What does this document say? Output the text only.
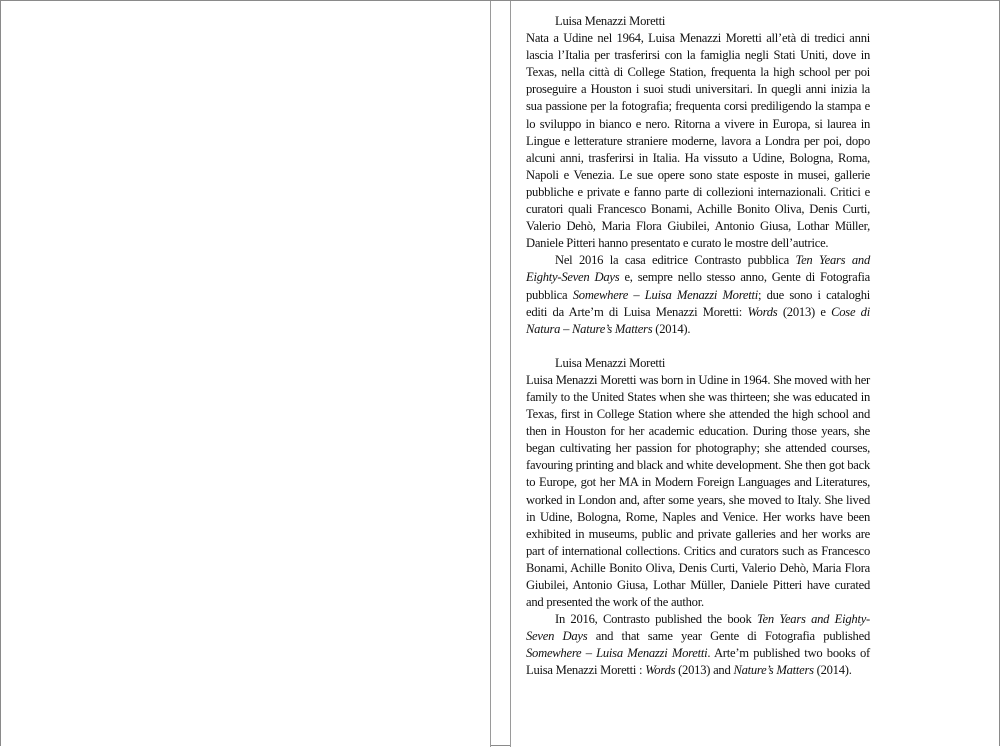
Luisa Menazzi Moretti

Nata a Udine nel 1964, Luisa Menazzi Moretti all’età di tredici anni lascia l’Italia per trasferirsi con la famiglia negli Stati Uniti, dove in Texas, nella città di College Station, frequenta la high school per poi proseguire a Houston i suoi studi universitari. In quegli anni inizia la sua passione per la fotografia; frequenta corsi prediligendo la stampa e lo sviluppo in bianco e nero. Ritorna a vivere in Europa, si laurea in Lingue e letterature straniere moderne, lavora a Londra per poi, dopo alcuni anni, trasferirsi in Italia. Ha vissuto a Udine, Bologna, Roma, Napoli e Venezia. Le sue opere sono state esposte in musei, gallerie pubbliche e private e fanno parte di collezioni internazionali. Critici e curatori quali Francesco Bonami, Achille Bonito Oliva, Denis Curti, Valerio Dehò, Maria Flora Giubilei, Antonio Giusa, Lothar Müller, Daniele Pitteri hanno presentato e curato le mostre dell’autrice.

Nel 2016 la casa editrice Contrasto pubblica Ten Years and Eighty-Seven Days e, sempre nello stesso anno, Gente di Fotografia pubblica Somewhere – Luisa Menazzi Moretti; due sono i cataloghi editi da Arte’m di Luisa Menazzi Moretti: Words (2013) e Cose di Natura – Nature’s Matters (2014).

Luisa Menazzi Moretti

Luisa Menazzi Moretti was born in Udine in 1964. She moved with her family to the United States when she was thirteen; she was educated in Texas, first in College Station where she attended the high school and then in Houston for her academic education. During those years, she began cultivating her passion for photography; she attended courses, favouring printing and black and white development. She then got back to Europe, got her MA in Modern Foreign Languages and Literatures, worked in London and, after some years, she moved to Italy. She lived in Udine, Bologna, Rome, Naples and Venice. Her works have been exhibited in museums, public and private galleries and her works are part of international collections. Critics and curators such as Francesco Bonami, Achille Bonito Oliva, Denis Curti, Valerio Dehò, Maria Flora Giubilei, Antonio Giusa, Lothar Müller, Daniele Pitteri have curated and presented the work of the author.

In 2016, Contrasto published the book Ten Years and Eighty-Seven Days and that same year Gente di Fotografia published Somewhere – Luisa Menazzi Moretti. Arte’m published two books of Luisa Menazzi Moretti : Words (2013) and Nature’s Matters (2014).
